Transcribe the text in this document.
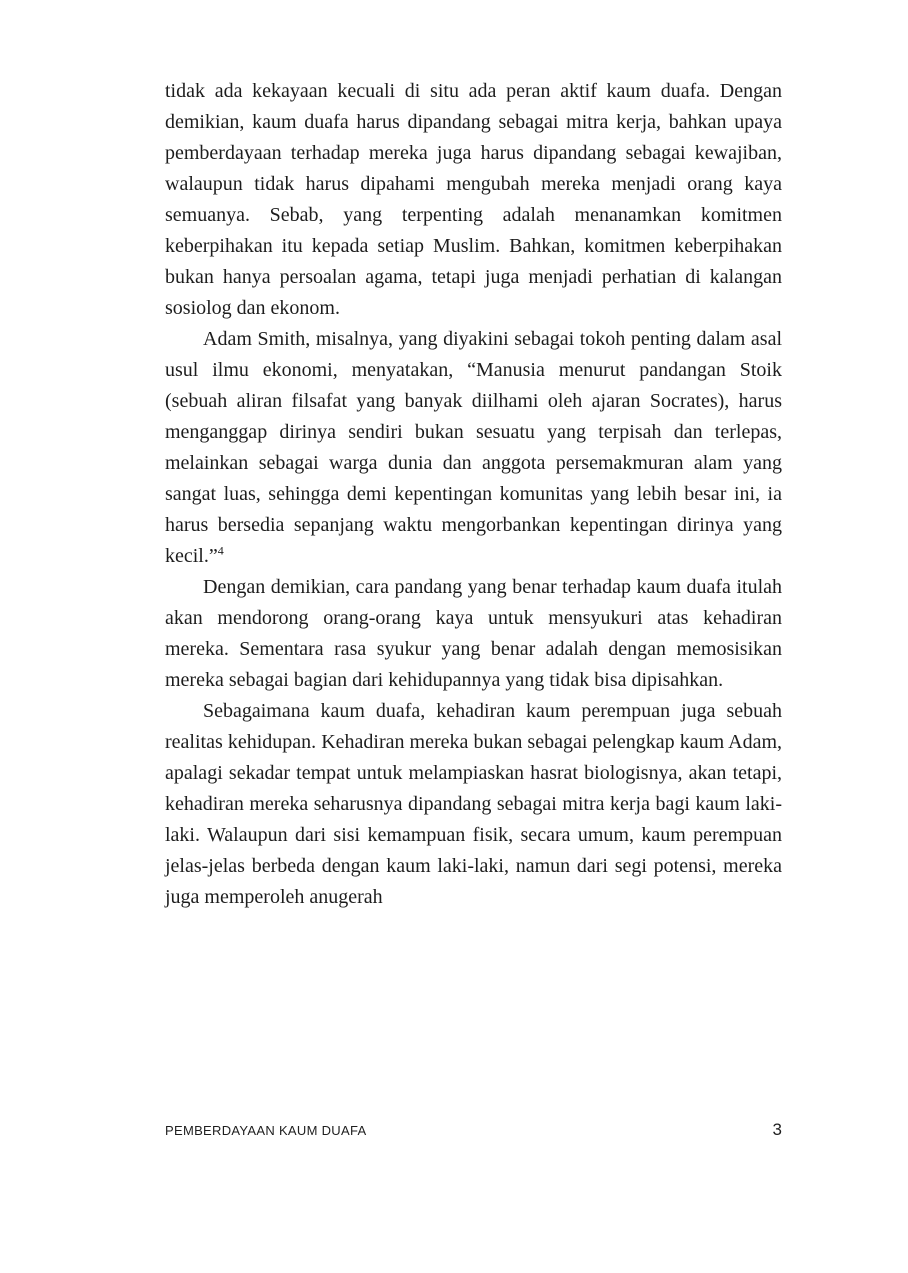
tidak ada kekayaan kecuali di situ ada peran aktif kaum duafa. Dengan demikian, kaum duafa harus dipandang sebagai mitra kerja, bahkan upaya pemberdayaan terhadap mereka juga harus dipandang sebagai kewajiban, walaupun tidak harus dipahami mengubah mereka menjadi orang kaya semuanya. Sebab, yang terpenting adalah menanamkan komitmen keberpihakan itu kepada setiap Muslim. Bahkan, komitmen keberpihakan bukan hanya persoalan agama, tetapi juga menjadi perhatian di kalangan sosiolog dan ekonom.

Adam Smith, misalnya, yang diyakini sebagai tokoh penting dalam asal usul ilmu ekonomi, menyatakan, “Manusia menurut pandangan Stoik (sebuah aliran filsafat yang banyak diilhami oleh ajaran Socrates), harus menganggap dirinya sendiri bukan sesuatu yang terpisah dan terlepas, melainkan sebagai warga dunia dan anggota persemakmuran alam yang sangat luas, sehingga demi kepentingan komunitas yang lebih besar ini, ia harus bersedia sepanjang waktu mengorbankan kepentingan dirinya yang kecil.”$^4$

Dengan demikian, cara pandang yang benar terhadap kaum duafa itulah akan mendorong orang-orang kaya untuk mensyukuri atas kehadiran mereka. Sementara rasa syukur yang benar adalah dengan memosisikan mereka sebagai bagian dari kehidupannya yang tidak bisa dipisahkan.

Sebagaimana kaum duafa, kehadiran kaum perempuan juga sebuah realitas kehidupan. Kehadiran mereka bukan sebagai pelengkap kaum Adam, apalagi sekadar tempat untuk melampiaskan hasrat biologisnya, akan tetapi, kehadiran mereka seharusnya dipandang sebagai mitra kerja bagi kaum laki-laki. Walaupun dari sisi kemampuan fisik, secara umum, kaum perempuan jelas-jelas berbeda dengan kaum laki-laki, namun dari segi potensi, mereka juga memperoleh anugerah

PEMBERDAYAAN KAUM DUAFA	3
